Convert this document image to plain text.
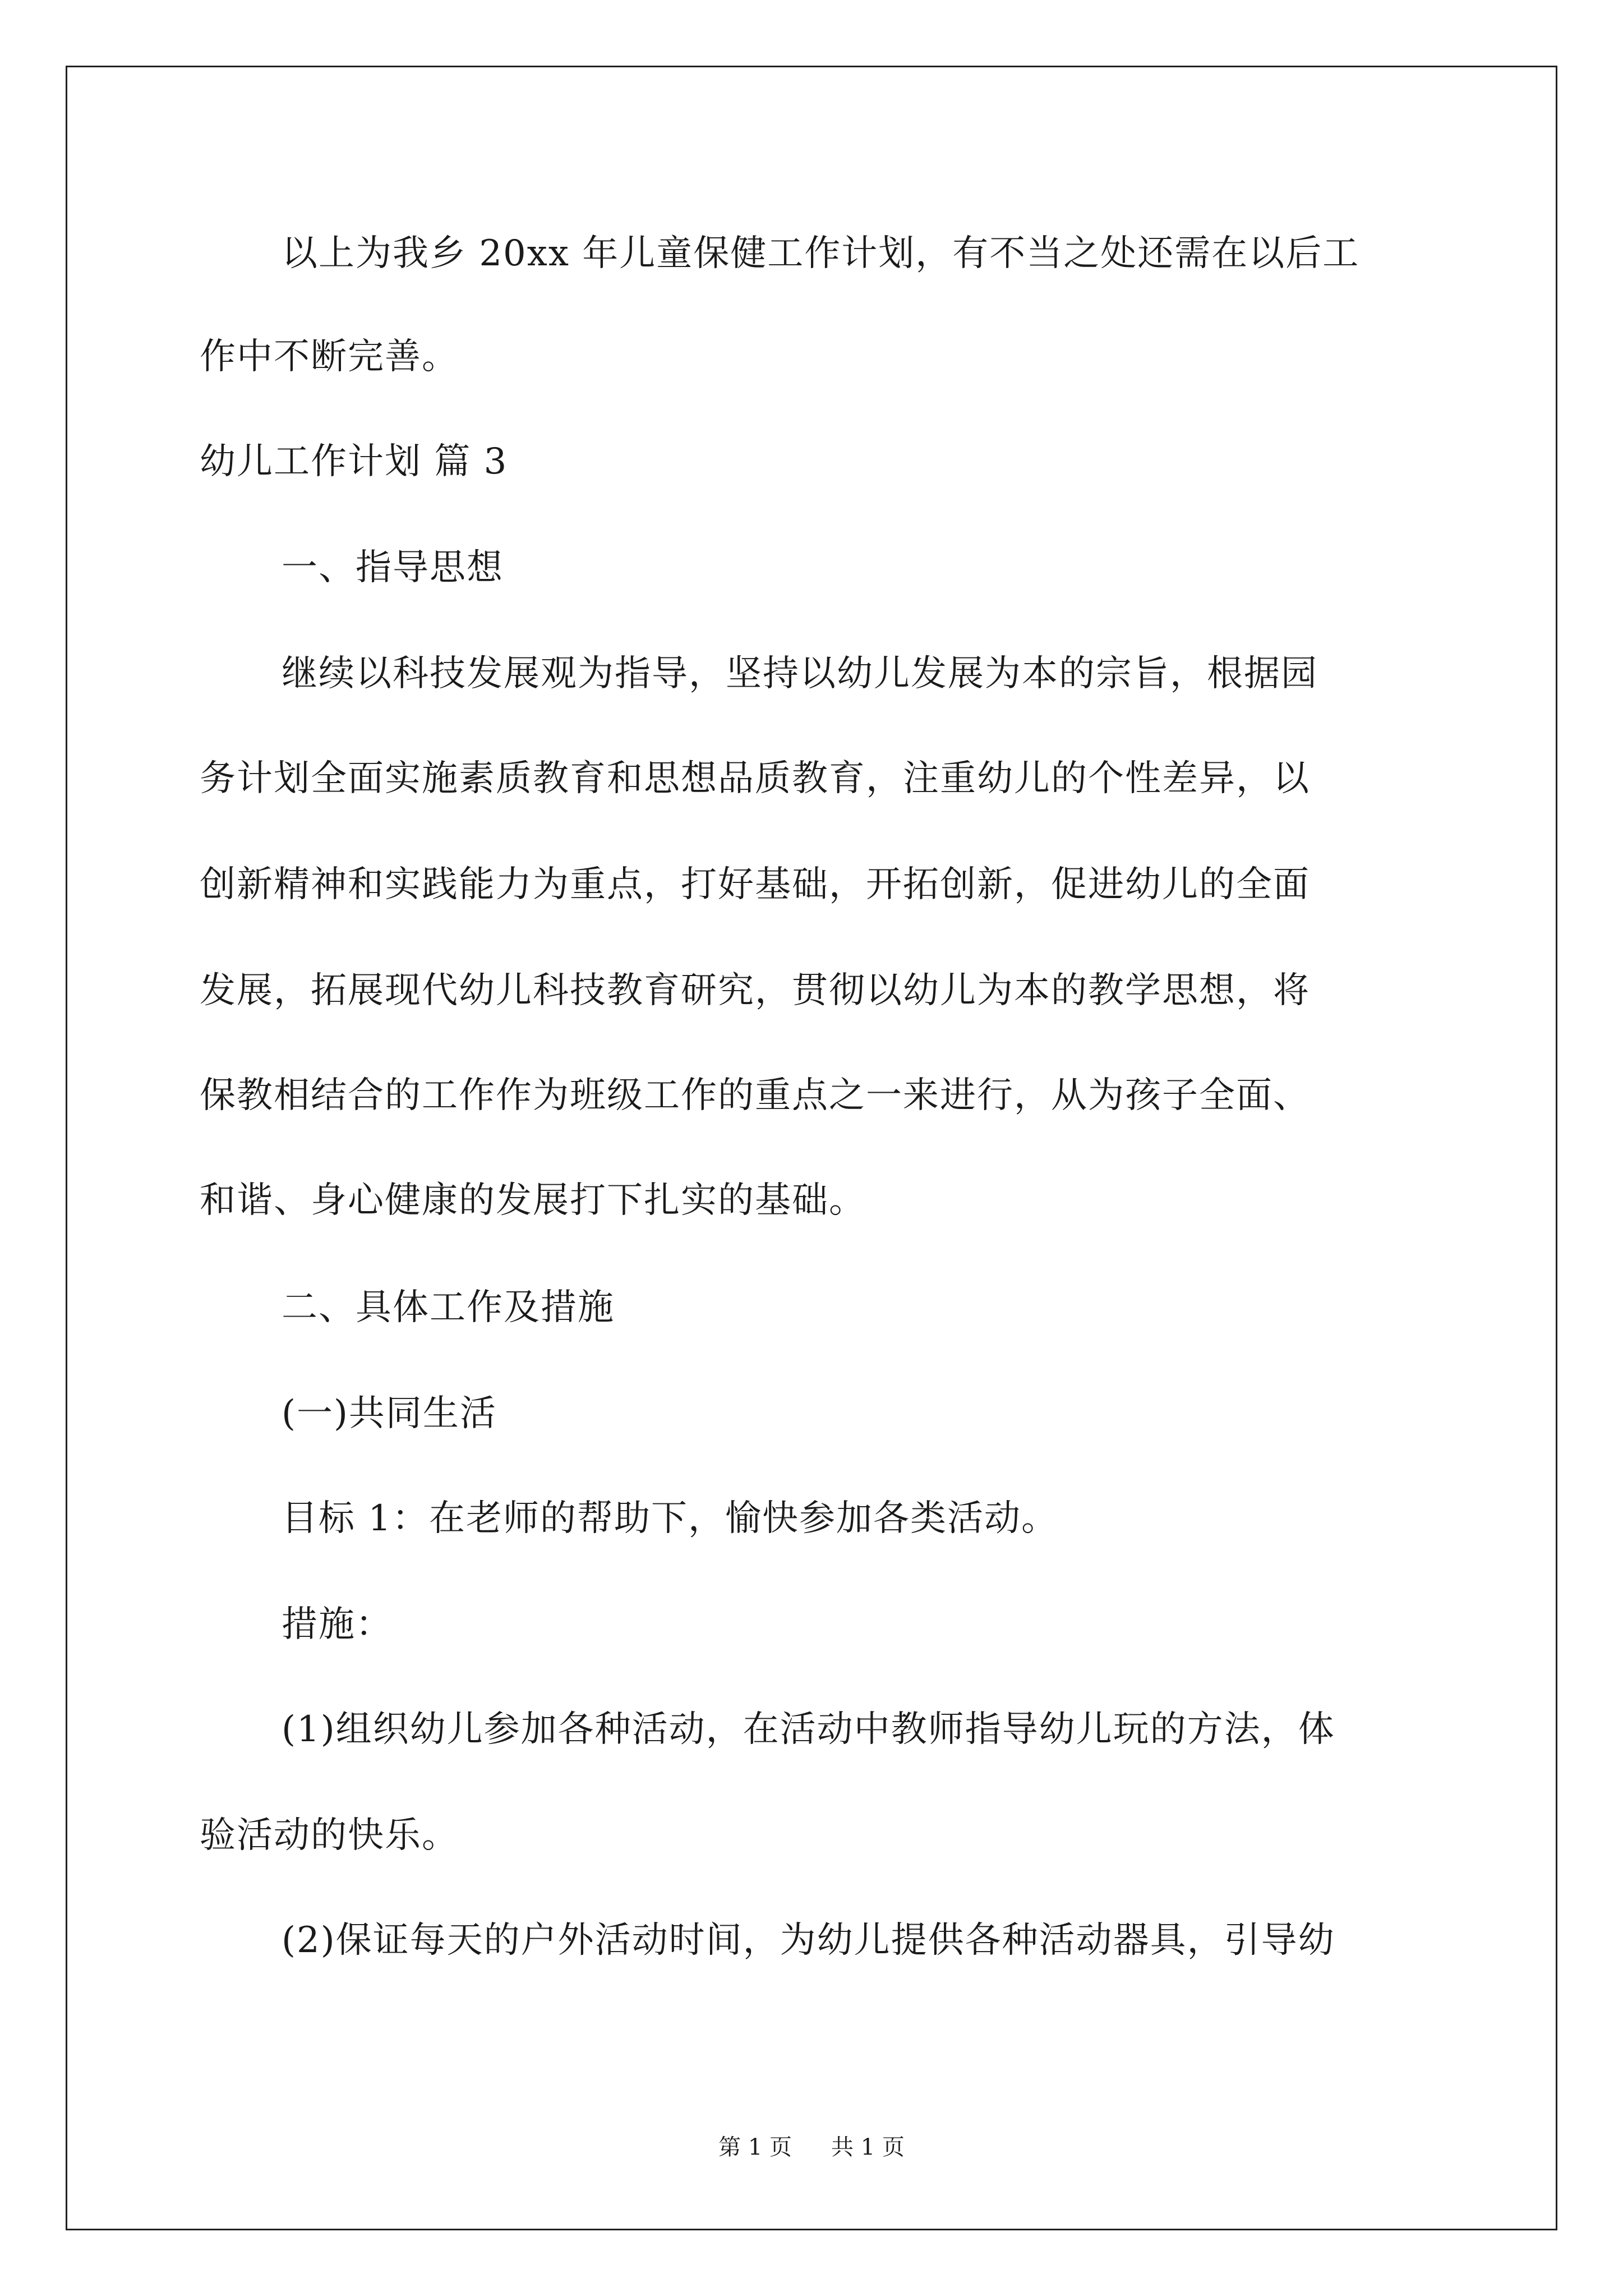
以上为我乡 20xx 年儿童保健工作计划，有不当之处还需在以后工
作中不断完善。
幼儿工作计划 篇 3
一、指导思想
继续以科技发展观为指导，坚持以幼儿发展为本的宗旨，根据园
务计划全面实施素质教育和思想品质教育，注重幼儿的个性差异，以
创新精神和实践能力为重点，打好基础，开拓创新，促进幼儿的全面
发展，拓展现代幼儿科技教育研究，贯彻以幼儿为本的教学思想，将
保教相结合的工作作为班级工作的重点之一来进行，从为孩子全面、
和谐、身心健康的发展打下扎实的基础。
二、具体工作及措施
(一)共同生活
目标 1：在老师的帮助下，愉快参加各类活动。
措施：
(1)组织幼儿参加各种活动，在活动中教师指导幼儿玩的方法，体
验活动的快乐。
(2)保证每天的户外活动时间，为幼儿提供各种活动器具，引导幼
第 1 页 共 1 页
